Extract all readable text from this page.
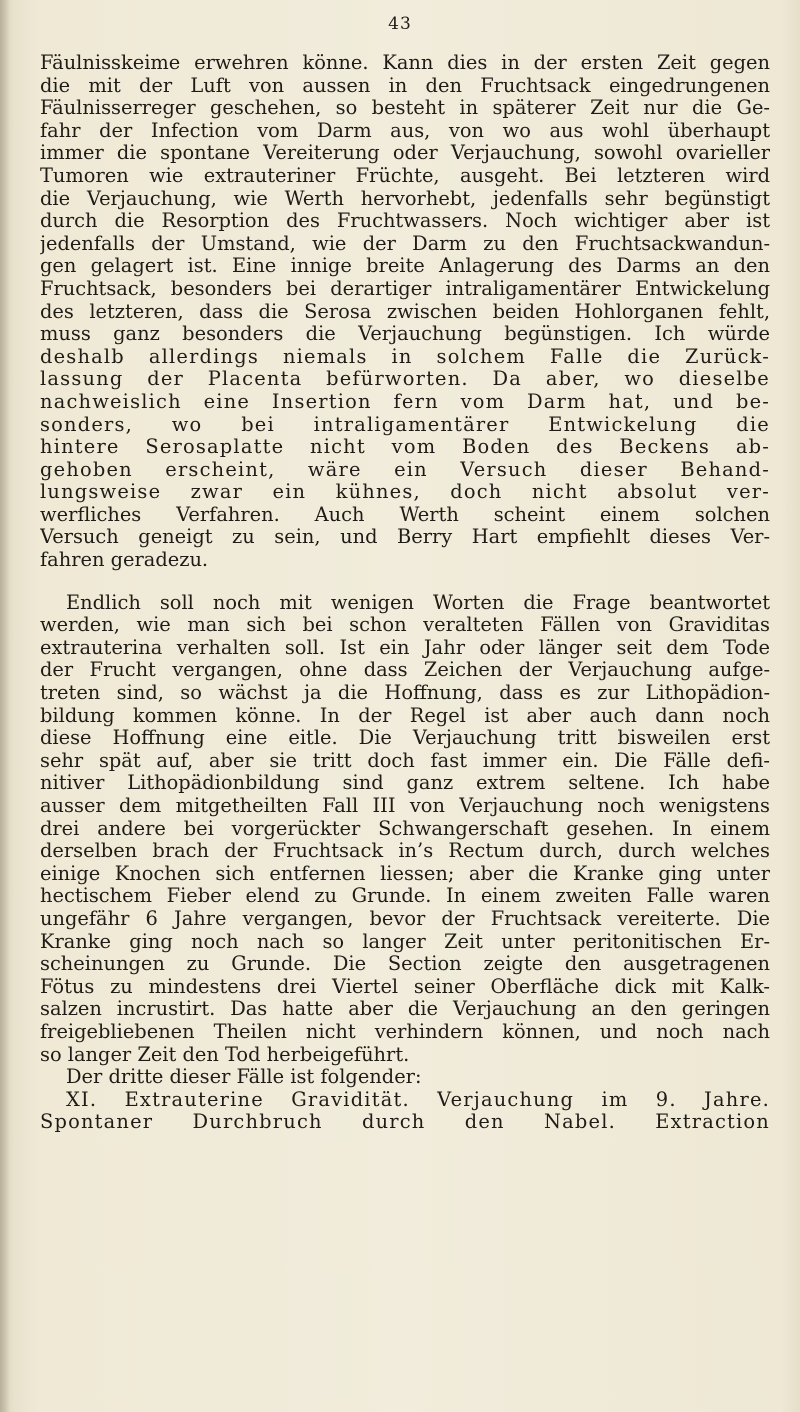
43
Fäulnisskeime erwehren könne. Kann dies in der ersten Zeit gegen
die mit der Luft von aussen in den Fruchtsack eingedrungenen
Fäulnisserreger geschehen, so besteht in späterer Zeit nur die Ge-
fahr der Infection vom Darm aus, von wo aus wohl überhaupt
immer die spontane Vereiterung oder Verjauchung, sowohl ovarieller
Tumoren wie extrauteriner Früchte, ausgeht. Bei letzteren wird
die Verjauchung, wie Werth hervorhebt, jedenfalls sehr begünstigt
durch die Resorption des Fruchtwassers. Noch wichtiger aber ist
jedenfalls der Umstand, wie der Darm zu den Fruchtsackwandun-
gen gelagert ist. Eine innige breite Anlagerung des Darms an den
Fruchtsack, besonders bei derartiger intraligamentärer Entwickelung
des letzteren, dass die Serosa zwischen beiden Hohlorganen fehlt,
muss ganz besonders die Verjauchung begünstigen. Ich würde
deshalb allerdings niemals in solchem Falle die Zurück-
lassung der Placenta befürworten. Da aber, wo dieselbe
nachweislich eine Insertion fern vom Darm hat, und be-
sonders, wo bei intraligamentärer Entwickelung die
hintere Serosaplatte nicht vom Boden des Beckens ab-
gehoben erscheint, wäre ein Versuch dieser Behand-
lungsweise zwar ein kühnes, doch nicht absolut ver-
werfliches Verfahren. Auch Werth scheint einem solchen
Versuch geneigt zu sein, und Berry Hart empfiehlt dieses Ver-
fahren geradezu.
Endlich soll noch mit wenigen Worten die Frage beantwortet
werden, wie man sich bei schon veralteten Fällen von Graviditas
extrauterina verhalten soll. Ist ein Jahr oder länger seit dem Tode
der Frucht vergangen, ohne dass Zeichen der Verjauchung aufge-
treten sind, so wächst ja die Hoffnung, dass es zur Lithopädion-
bildung kommen könne. In der Regel ist aber auch dann noch
diese Hoffnung eine eitle. Die Verjauchung tritt bisweilen erst
sehr spät auf, aber sie tritt doch fast immer ein. Die Fälle defi-
nitiver Lithopädionbildung sind ganz extrem seltene. Ich habe
ausser dem mitgetheilten Fall III von Verjauchung noch wenigstens
drei andere bei vorgerückter Schwangerschaft gesehen. In einem
derselben brach der Fruchtsack in’s Rectum durch, durch welches
einige Knochen sich entfernen liessen; aber die Kranke ging unter
hectischem Fieber elend zu Grunde. In einem zweiten Falle waren
ungefähr 6 Jahre vergangen, bevor der Fruchtsack vereiterte. Die
Kranke ging noch nach so langer Zeit unter peritonitischen Er-
scheinungen zu Grunde. Die Section zeigte den ausgetragenen
Fötus zu mindestens drei Viertel seiner Oberfläche dick mit Kalk-
salzen incrustirt. Das hatte aber die Verjauchung an den geringen
freigebliebenen Theilen nicht verhindern können, und noch nach
so langer Zeit den Tod herbeigeführt.
Der dritte dieser Fälle ist folgender:
XI. Extrauterine Gravidität. Verjauchung im 9. Jahre.
Spontaner Durchbruch durch den Nabel. Extraction
